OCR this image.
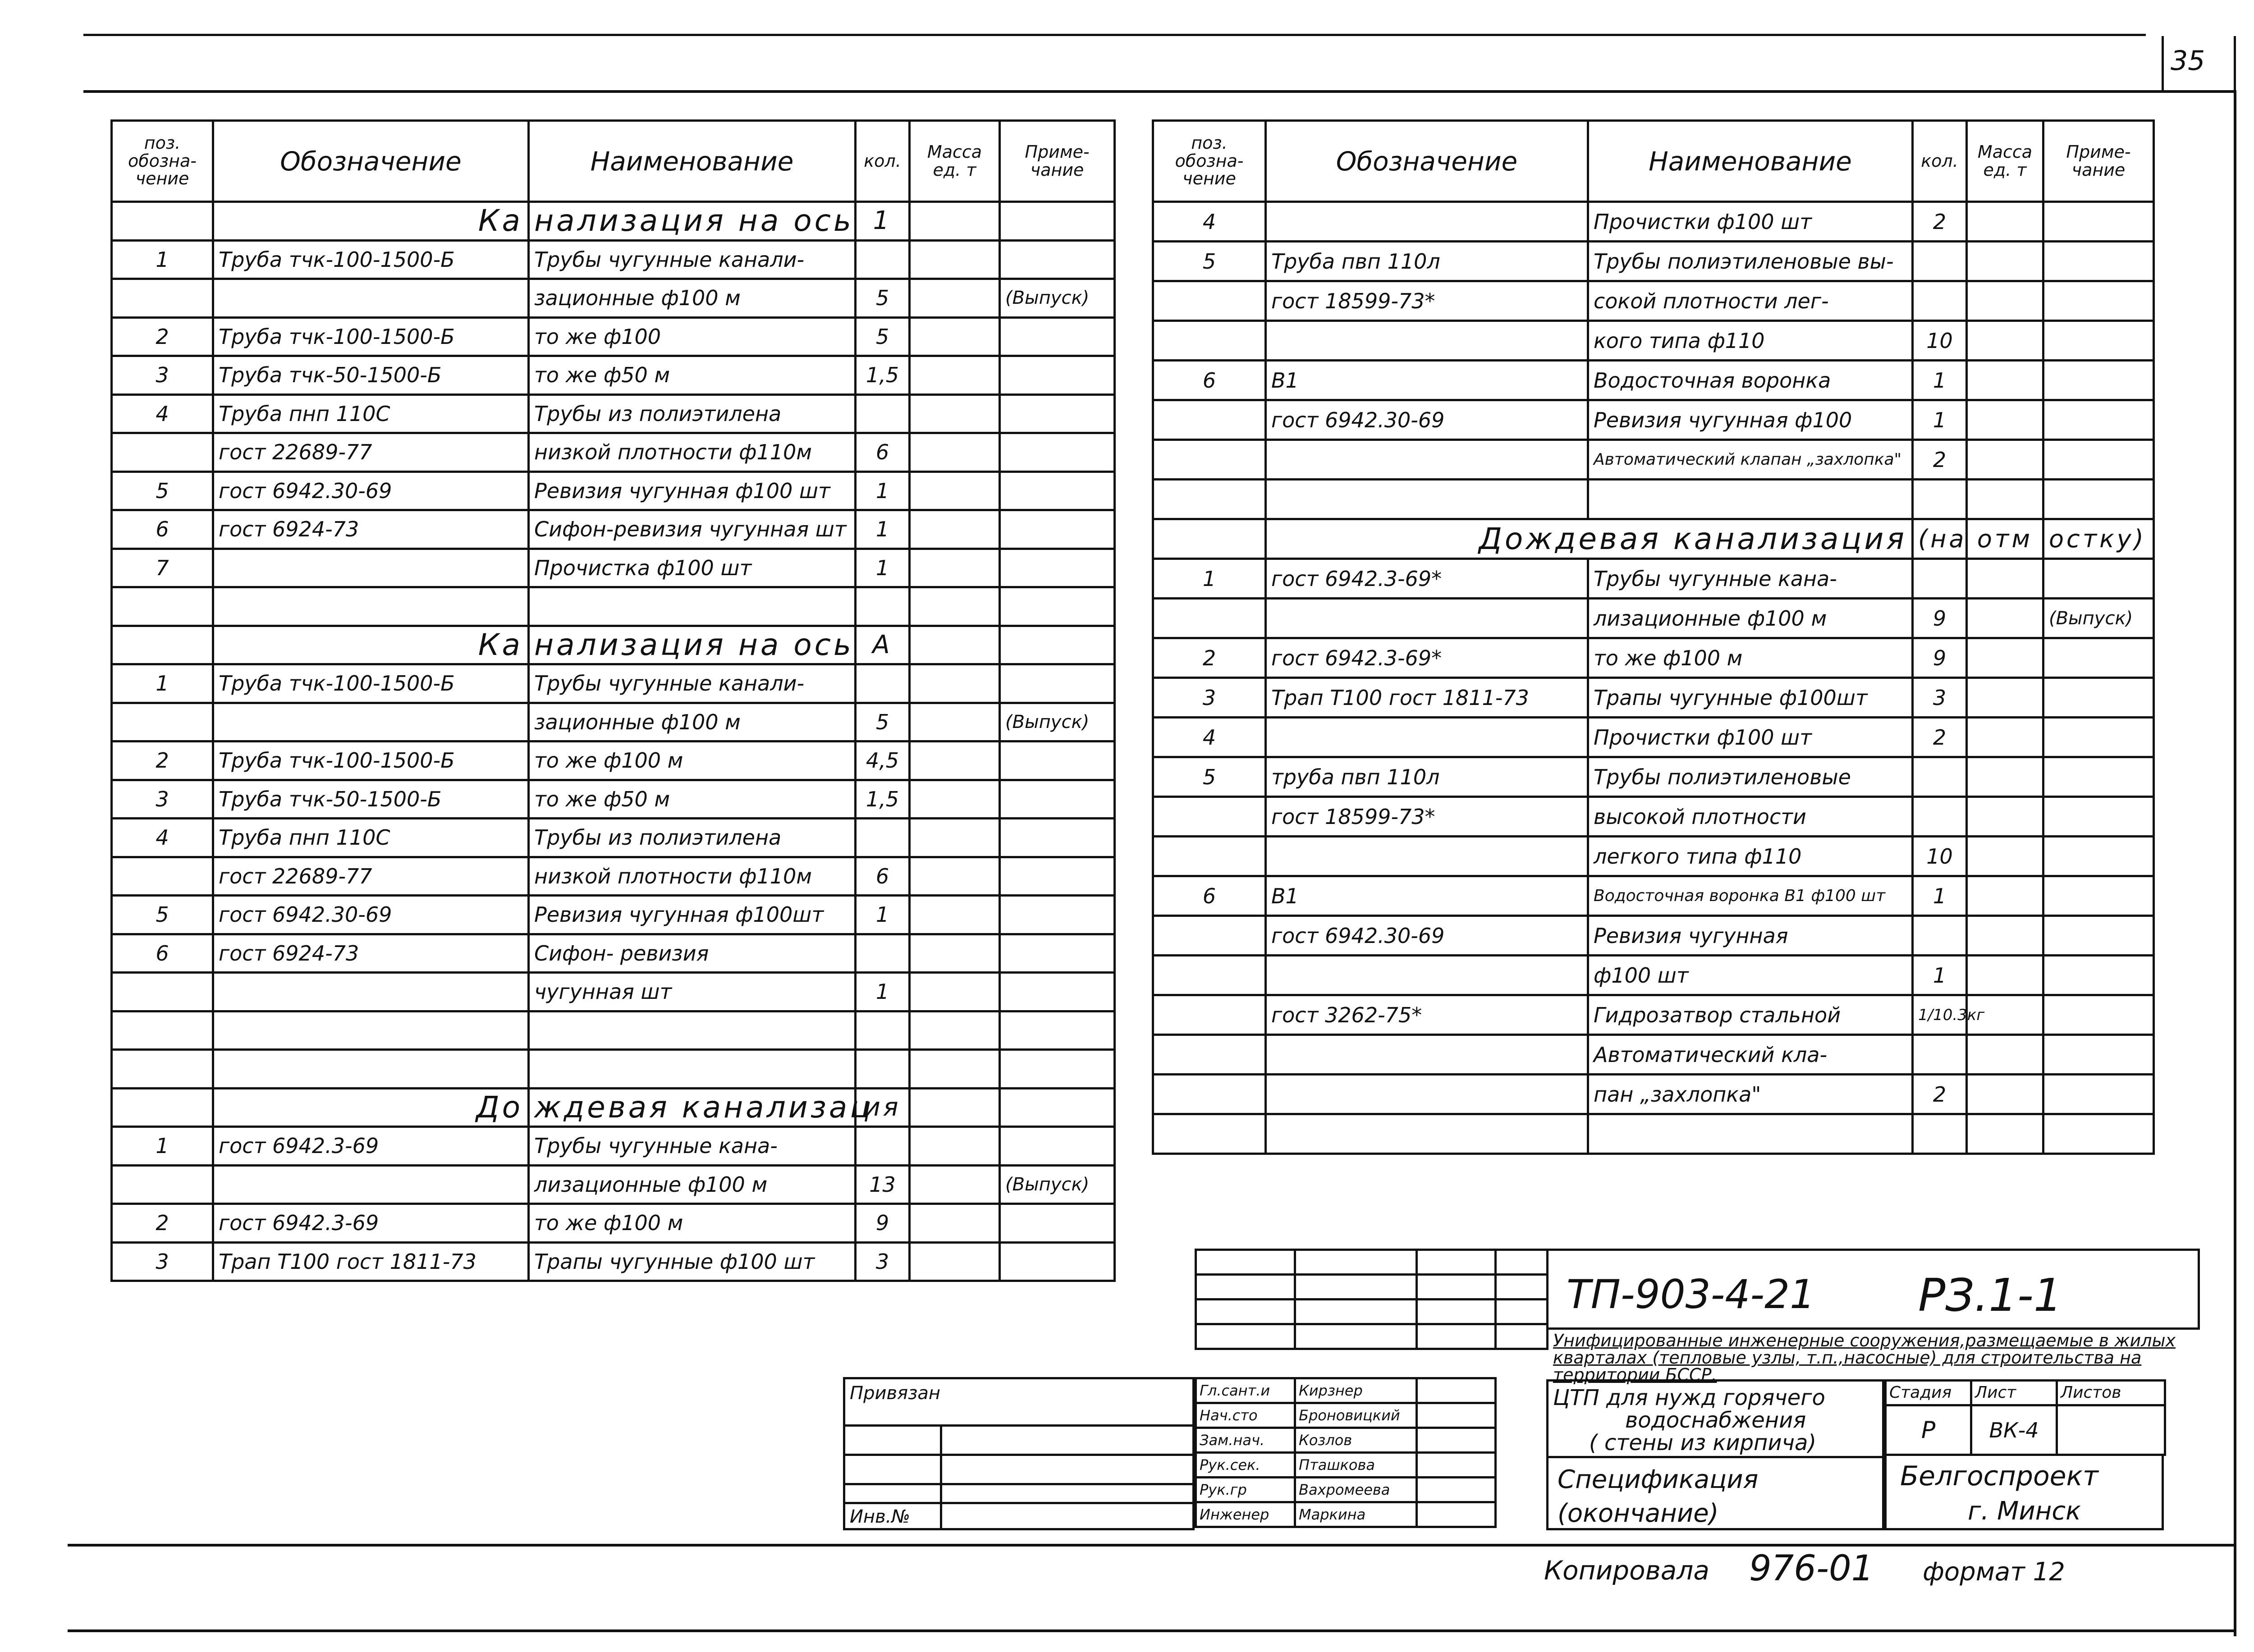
35
поз. обозна- чение	Обозначение	Наименование	кол.	Масса ед. т	Приме- чание
	Ка	нализация на ось	1		
1	Труба тчк-100-1500-Б	Трубы чугунные канали-			
		зационные ф100 м	5		(Выпуск)
2	Труба тчк-100-1500-Б	то же ф100	5		
3	Труба тчк-50-1500-Б	то же ф50 м	1,5		
4	Труба пнп 110С	Трубы из полиэтилена			
	гост 22689-77	низкой плотности ф110м	6		
5	гост 6942.30-69	Ревизия чугунная ф100 шт	1		
6	гост 6924-73	Сифон-ревизия чугунная шт	1		
7		Прочистка ф100 шт	1		

	Ка	нализация на ось	А		
1	Труба тчк-100-1500-Б	Трубы чугунные канали-			
		зационные ф100 м	5		(Выпуск)
2	Труба тчк-100-1500-Б	то же ф100 м	4,5		
3	Труба тчк-50-1500-Б	то же ф50 м	1,5		
4	Труба пнп 110С	Трубы из полиэтилена			
	гост 22689-77	низкой плотности ф110м	6		
5	гост 6942.30-69	Ревизия чугунная ф100шт	1		
6	гост 6924-73	Сифон- ревизия			
		чугунная шт	1		

	До	ждевая канализац	ия		
1	гост 6942.3-69	Трубы чугунные кана-			
		лизационные ф100 м	13		(Выпуск)
2	гост 6942.3-69	то же ф100 м	9		
3	Трап Т100 гост 1811-73	Трапы чугунные ф100 шт	3		
поз. обозна- чение	Обозначение	Наименование	кол.	Масса ед. т	Приме- чание
4		Прочистки ф100 шт	2		
5	Труба пвп 110л	Трубы полиэтиленовые вы-			
	гост 18599-73*	сокой плотности лег-			
		кого типа ф110	10		
6	В1	Водосточная воронка	1		
	гост 6942.30-69	Ревизия чугунная ф100	1		
		Автоматический клапан „захлопка"	2		

	Дождевая канализация		(на	отм	остку)
1	гост 6942.3-69*	Трубы чугунные кана-			
		лизационные ф100 м	9		(Выпуск)
2	гост 6942.3-69*	то же ф100 м	9		
3	Трап Т100 гост 1811-73	Трапы чугунные ф100шт	3		
4		Прочистки ф100 шт	2		
5	труба пвп 110л	Трубы полиэтиленовые			
	гост 18599-73*	высокой плотности			
		легкого типа ф110	10		
6	В1	Водосточная воронка В1 ф100 шт	1		
	гост 6942.30-69	Ревизия чугунная			
		ф100 шт	1		
	гост 3262-75*	Гидрозатвор стальной	1/10.3кг		
		Автоматический кла-			
		пан „захлопка"	2		

Привязан
Инв.№
Гл.сант.и	Кирзнер	
Нач.сто	Броновицкий	
Зам.нач.	Козлов	
Рук.сек.	Пташкова	
Рук.гр	Вахромеева	
Инженер	Маркина	
ТП-903-4-21 РЗ.1-1
Унифицированные инженерные сооружения,размещаемые в жилых кварталах (тепловые узлы, т.п.,насосные) для строительства на территории БССР.
ЦТП для нужд горячего
водоснабжения
( стены из кирпича)
Спецификация
(окончание)
Стадия	Лист	Листов
Р	ВК-4	
Белгоспроект
г. Минск
Копировала 976-01 формат 12
